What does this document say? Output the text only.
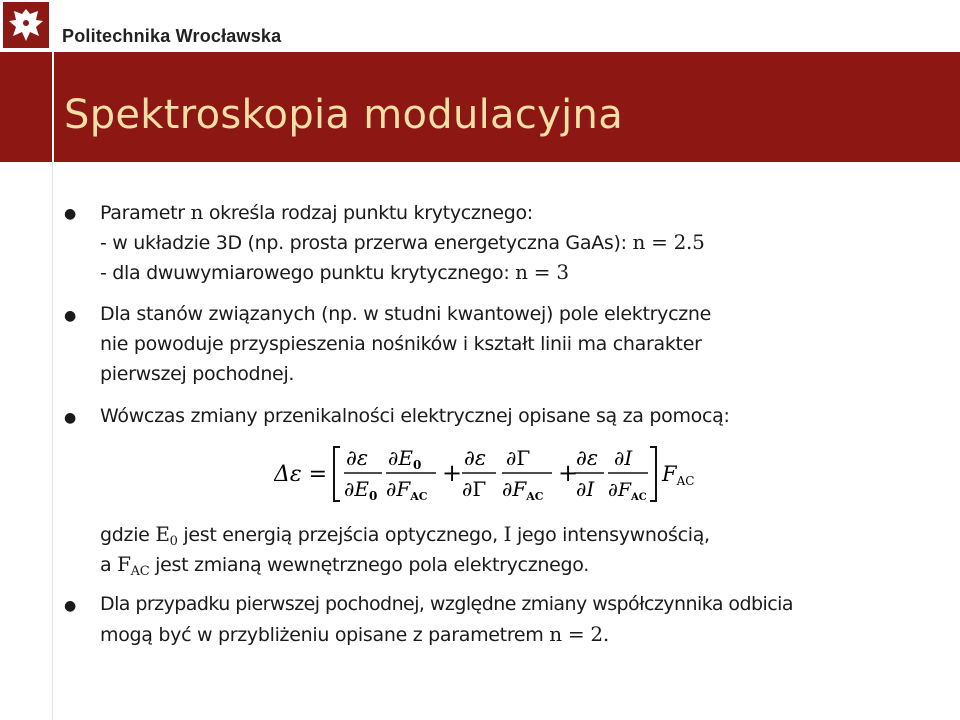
Politechnika Wrocławska
Spektroskopia modulacyjna
● Parametr n określa rodzaj punktu krytycznego:
- w układzie 3D (np. prosta przerwa energetyczna GaAs): n = 2.5
- dla dwuwymiarowego punktu krytycznego: n = 3
● Dla stanów związanych (np. w studni kwantowej) pole elektryczne
nie powoduje przyspieszenia nośników i kształt linii ma charakter
pierwszej pochodnej.
● Wówczas zmiany przenikalności elektrycznej opisane są za pomocą:
Δε =
∂ε
$\partial E_0$
$\partial E_0$
$\partial F_{AC}$
+
∂ε
∂Γ
∂Γ
$\partial F_{AC}$
+
∂ε
∂I
∂I
$\partial F_{AC}$
FAC
gdzie $E_0$ jest energią przejścia optycznego, I jego intensywnością,
a $F_{AC}$ jest zmianą wewnętrznego pola elektrycznego.
● Dla przypadku pierwszej pochodnej, względne zmiany współczynnika odbicia
mogą być w przybliżeniu opisane z parametrem n = 2.
